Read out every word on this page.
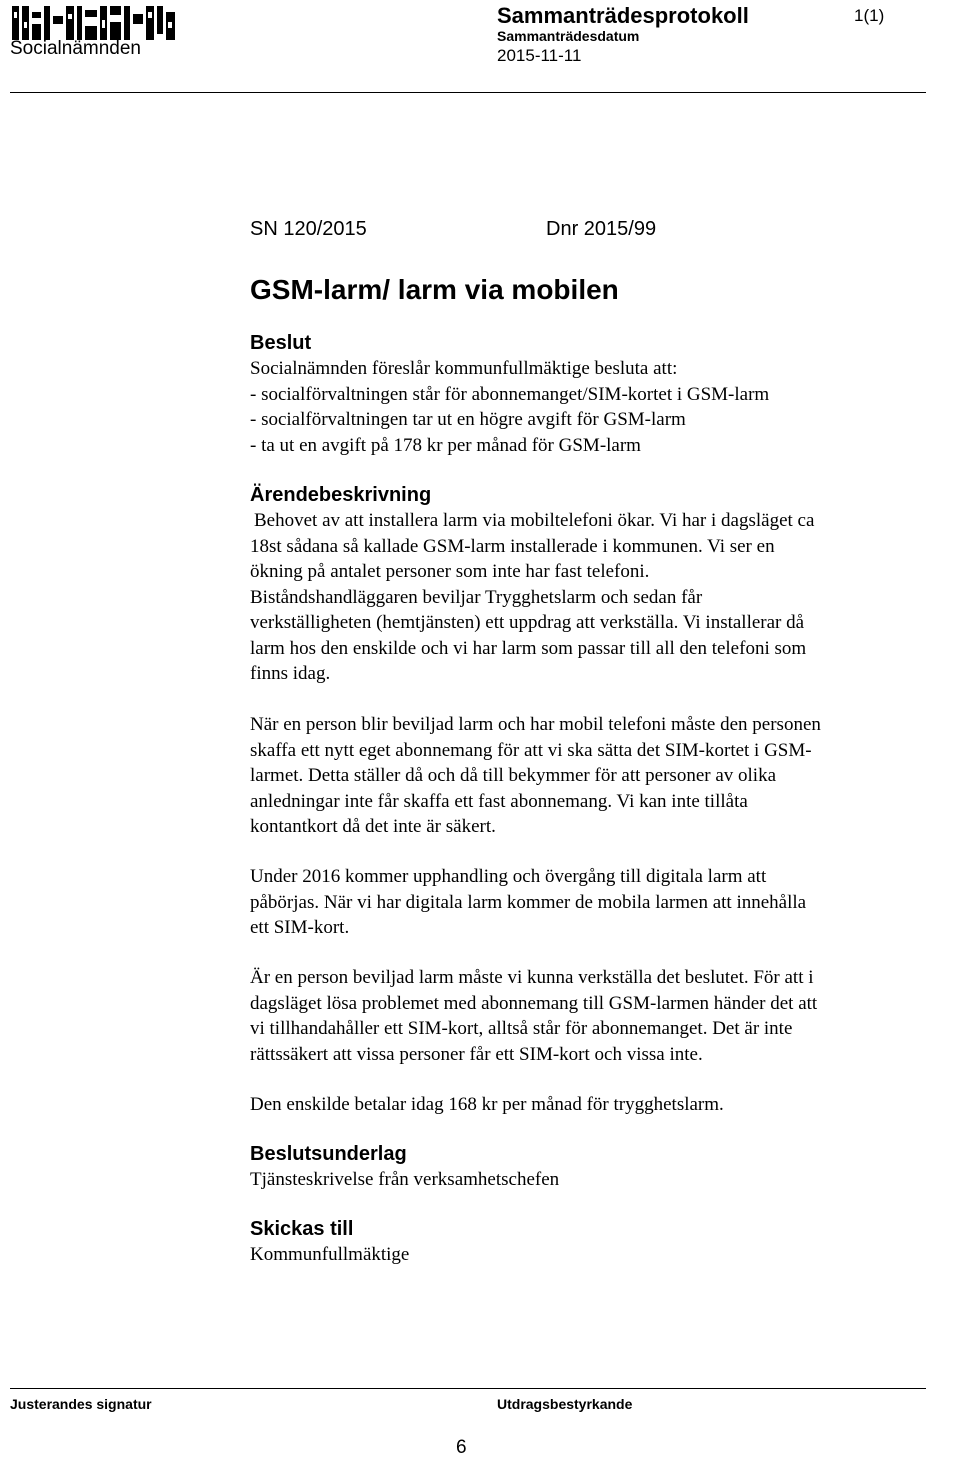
Socialnämnden
Sammanträdesprotokoll
Sammanträdesdatum
2015-11-11
1(1)
SN 120/2015	Dnr 2015/99
GSM-larm/ larm via mobilen
Beslut
Socialnämnden föreslår kommunfullmäktige besluta att:
- socialförvaltningen står för abonnemanget/SIM-kortet i GSM-larm
- socialförvaltningen tar ut en högre avgift för GSM-larm
- ta ut en avgift på 178 kr per månad för GSM-larm
Ärendebeskrivning
Behovet av att installera larm via mobiltelefoni ökar. Vi har i dagsläget ca
18st sådana så kallade GSM-larm installerade i kommunen. Vi ser en
ökning på antalet personer som inte har fast telefoni.
Biståndshandläggaren beviljar Trygghetslarm och sedan får
verkställigheten (hemtjänsten) ett uppdrag att verkställa. Vi installerar då
larm hos den enskilde och vi har larm som passar till all den telefoni som
finns idag.
När en person blir beviljad larm och har mobil telefoni måste den personen
skaffa ett nytt eget abonnemang för att vi ska sätta det SIM-kortet i GSM-
larmet. Detta ställer då och då till bekymmer för att personer av olika
anledningar inte får skaffa ett fast abonnemang. Vi kan inte tillåta
kontantkort då det inte är säkert.
Under 2016 kommer upphandling och övergång till digitala larm att
påbörjas. När vi har digitala larm kommer de mobila larmen att innehålla
ett SIM-kort.
Är en person beviljad larm måste vi kunna verkställa det beslutet. För att i
dagsläget lösa problemet med abonnemang till GSM-larmen händer det att
vi tillhandahåller ett SIM-kort, alltså står för abonnemanget. Det är inte
rättssäkert att vissa personer får ett SIM-kort och vissa inte.
Den enskilde betalar idag 168 kr per månad för trygghetslarm.
Beslutsunderlag
Tjänsteskrivelse från verksamhetschefen
Skickas till
Kommunfullmäktige
Justerandes signatur	Utdragsbestyrkande
6
